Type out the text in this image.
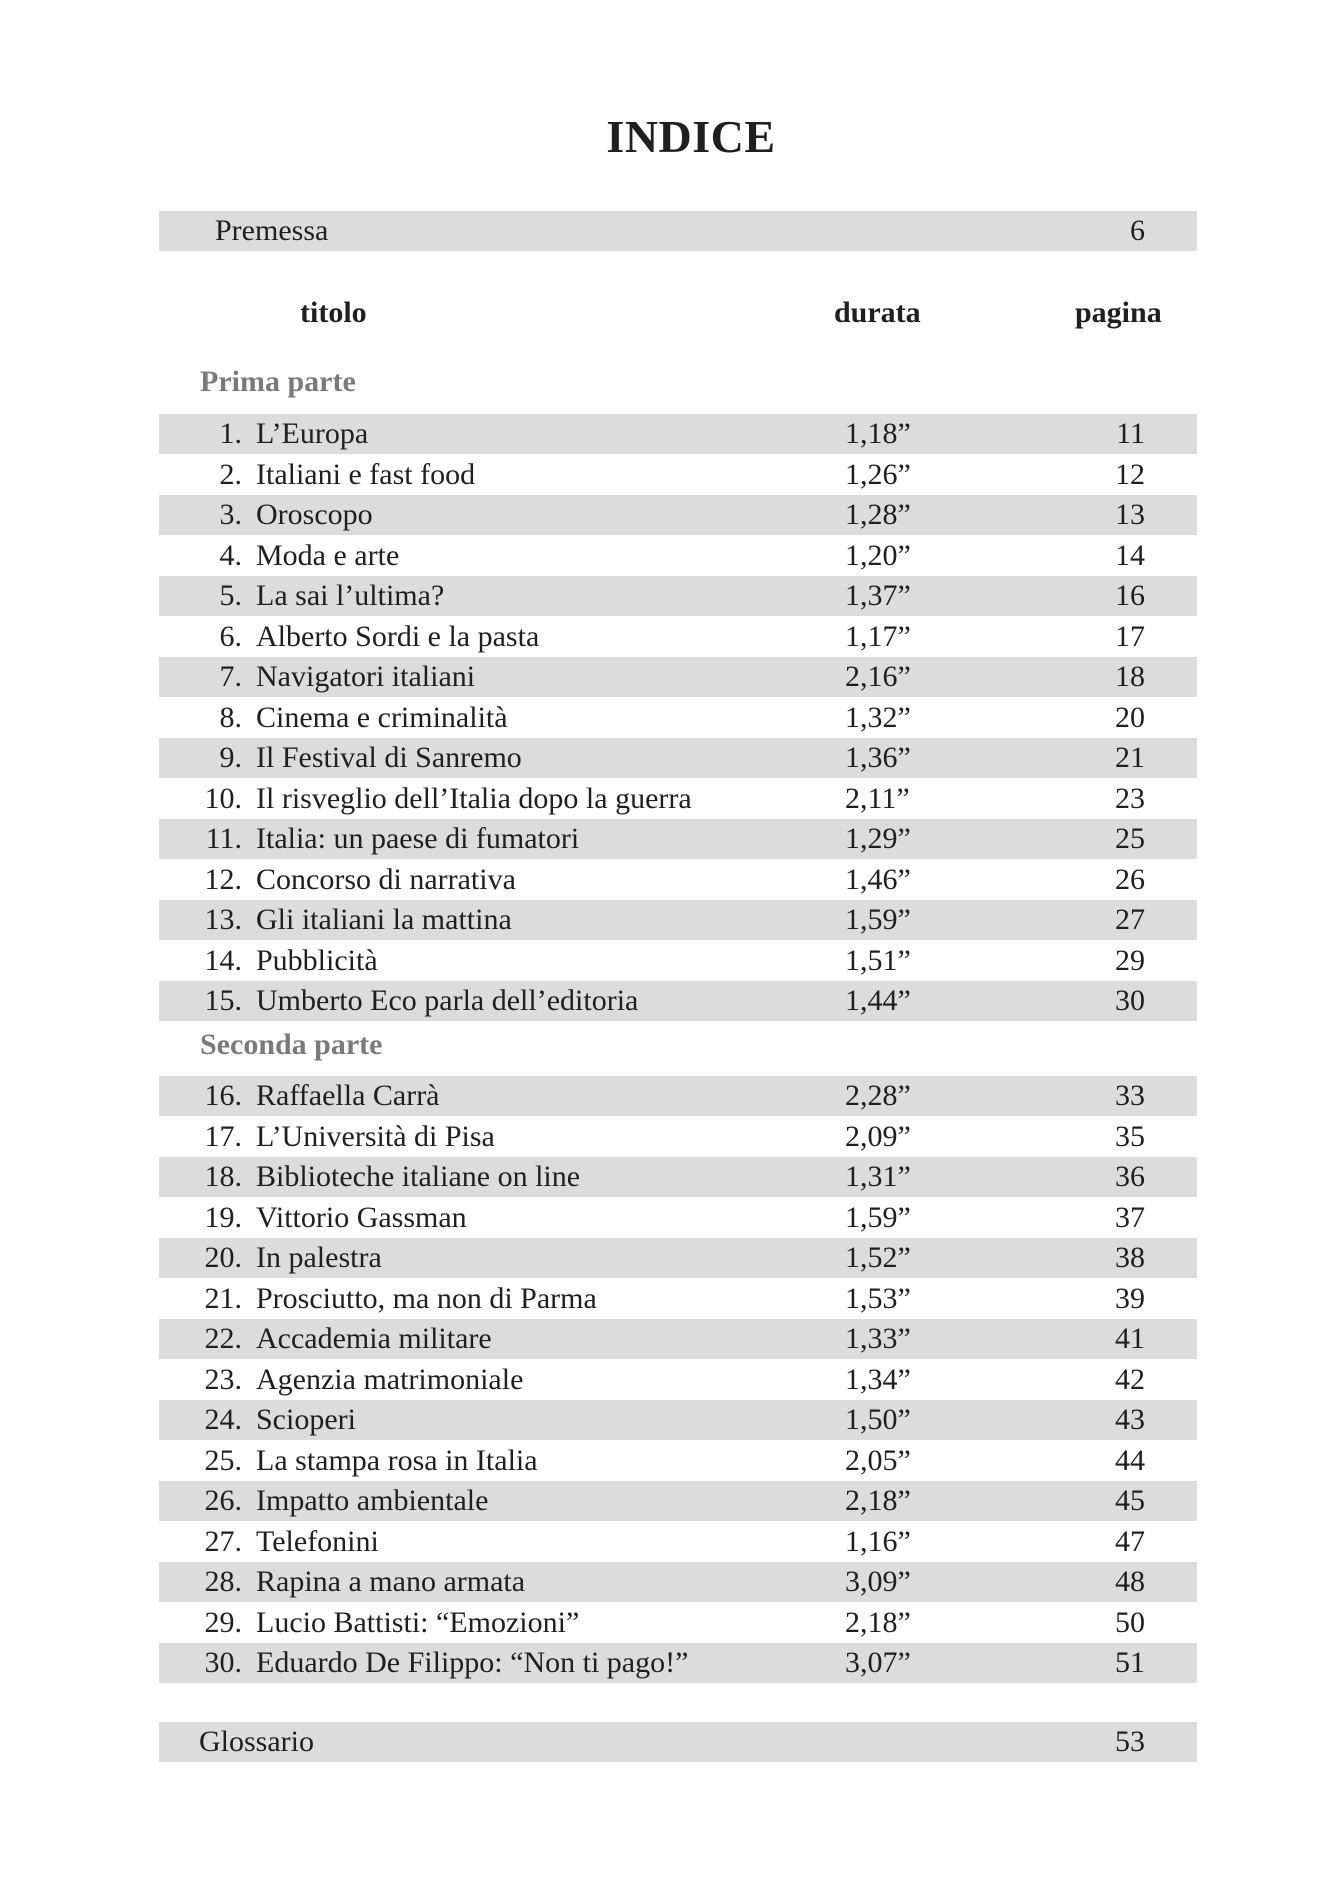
INDICE
Premessa	6
titolo	durata	pagina
Prima parte
1. L’Europa	1,18”	11
2. Italiani e fast food	1,26”	12
3. Oroscopo	1,28”	13
4. Moda e arte	1,20”	14
5. La sai l’ultima?	1,37”	16
6. Alberto Sordi e la pasta	1,17”	17
7. Navigatori italiani	2,16”	18
8. Cinema e criminalità	1,32”	20
9. Il Festival di Sanremo	1,36”	21
10. Il risveglio dell’Italia dopo la guerra	2,11”	23
11. Italia: un paese di fumatori	1,29”	25
12. Concorso di narrativa	1,46”	26
13. Gli italiani la mattina	1,59”	27
14. Pubblicità	1,51”	29
15. Umberto Eco parla dell’editoria	1,44”	30
Seconda parte
16. Raffaella Carrà	2,28”	33
17. L’Università di Pisa	2,09”	35
18. Biblioteche italiane on line	1,31”	36
19. Vittorio Gassman	1,59”	37
20. In palestra	1,52”	38
21. Prosciutto, ma non di Parma	1,53”	39
22. Accademia militare	1,33”	41
23. Agenzia matrimoniale	1,34”	42
24. Scioperi	1,50”	43
25. La stampa rosa in Italia	2,05”	44
26. Impatto ambientale	2,18”	45
27. Telefonini	1,16”	47
28. Rapina a mano armata	3,09”	48
29. Lucio Battisti: “Emozioni”	2,18”	50
30. Eduardo De Filippo: “Non ti pago!”	3,07”	51
Glossario	53
